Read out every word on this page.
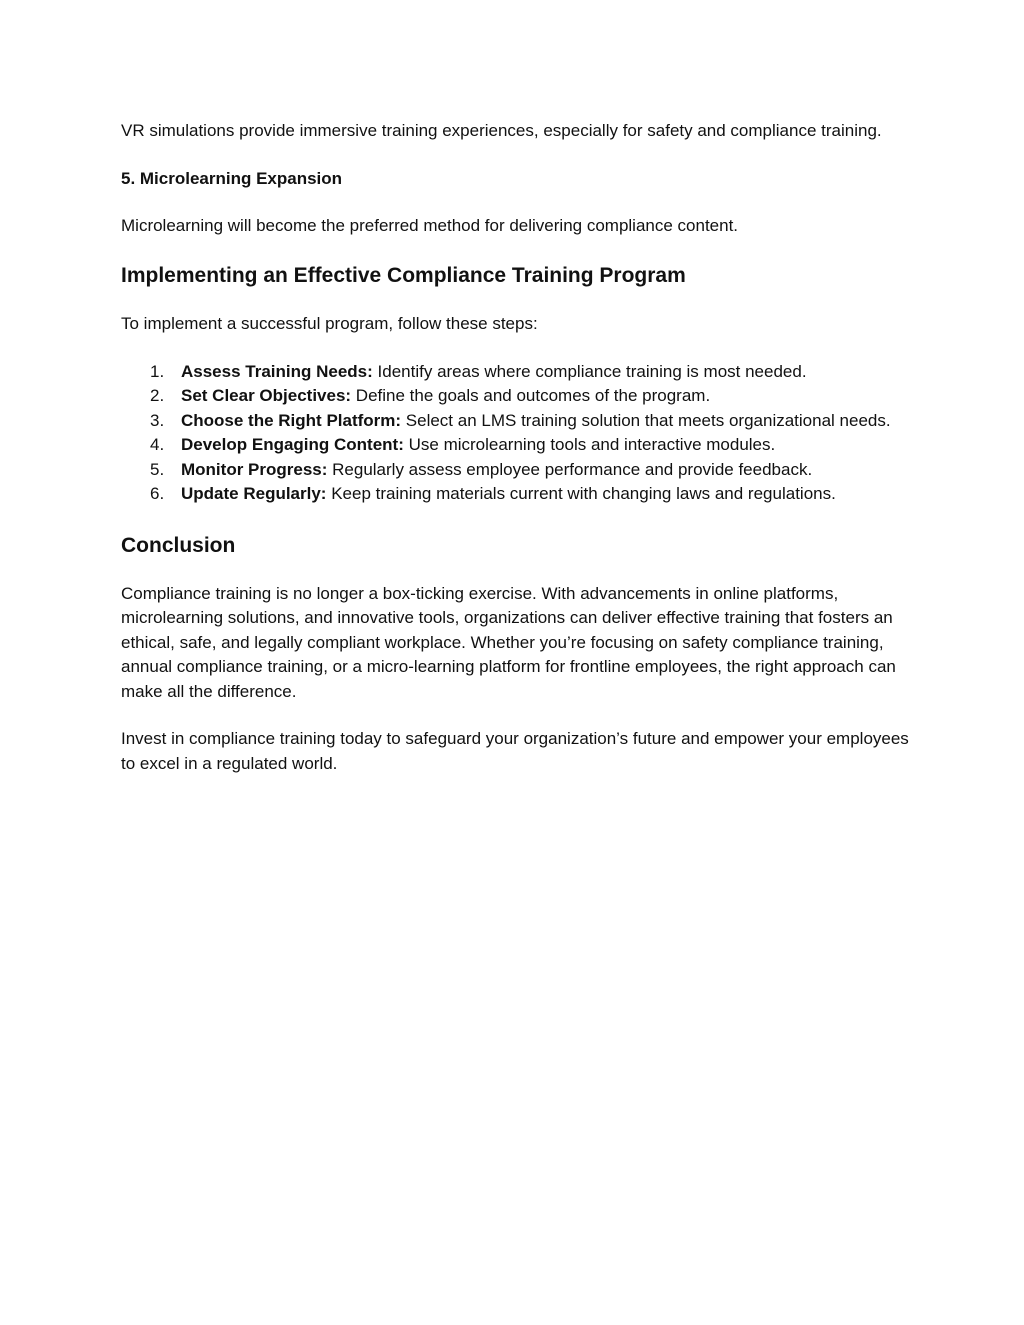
VR simulations provide immersive training experiences, especially for safety and compliance training.

5. Microlearning Expansion

Microlearning will become the preferred method for delivering compliance content.

Implementing an Effective Compliance Training Program

To implement a successful program, follow these steps:

1. Assess Training Needs: Identify areas where compliance training is most needed.
2. Set Clear Objectives: Define the goals and outcomes of the program.
3. Choose the Right Platform: Select an LMS training solution that meets organizational needs.
4. Develop Engaging Content: Use microlearning tools and interactive modules.
5. Monitor Progress: Regularly assess employee performance and provide feedback.
6. Update Regularly: Keep training materials current with changing laws and regulations.
Conclusion

Compliance training is no longer a box-ticking exercise. With advancements in online platforms, microlearning solutions, and innovative tools, organizations can deliver effective training that fosters an ethical, safe, and legally compliant workplace. Whether you’re focusing on safety compliance training, annual compliance training, or a micro-learning platform for frontline employees, the right approach can make all the difference.

Invest in compliance training today to safeguard your organization’s future and empower your employees to excel in a regulated world.
